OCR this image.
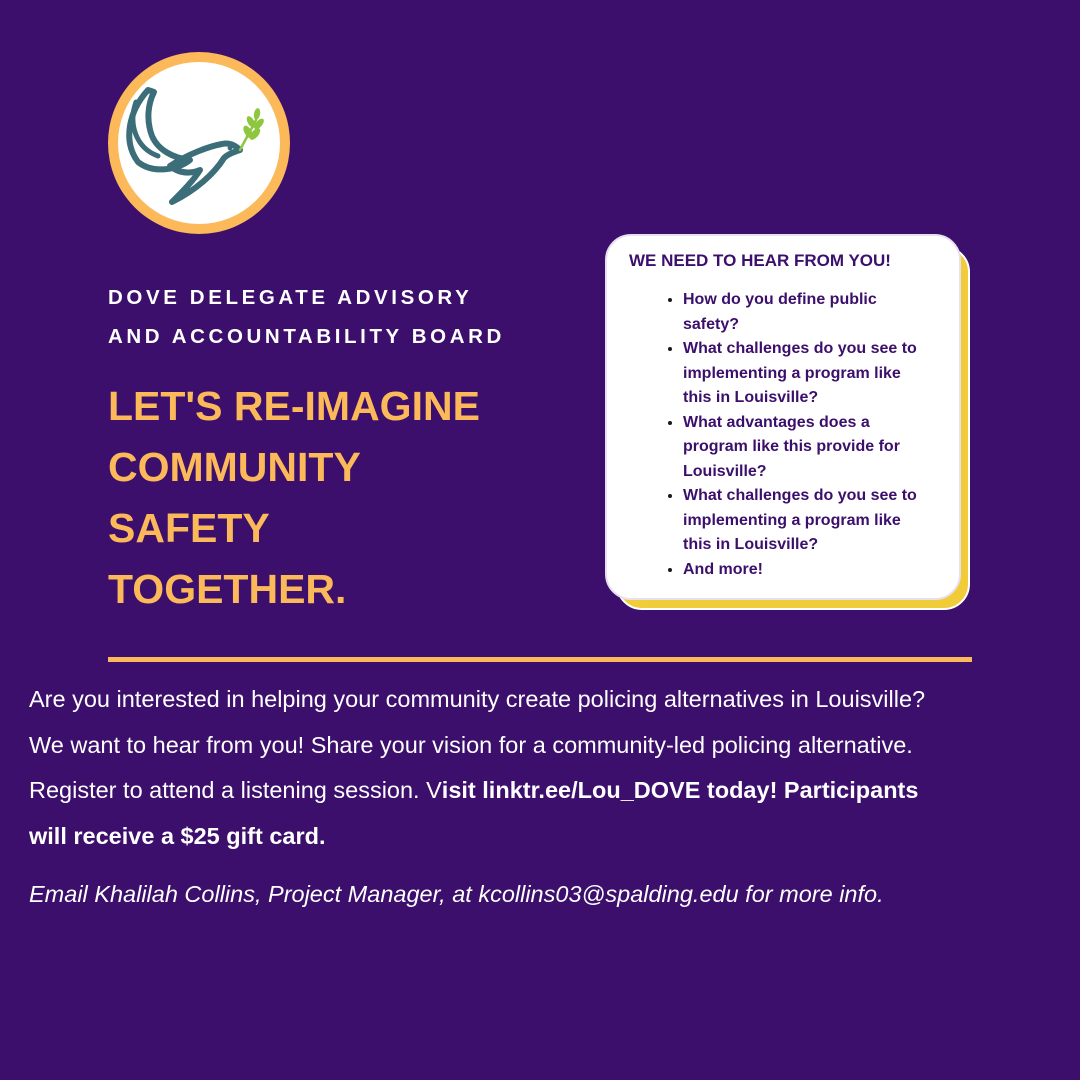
DOVE DELEGATE ADVISORY
AND ACCOUNTABILITY BOARD
LET'S RE-IMAGINE
COMMUNITY
SAFETY
TOGETHER.
WE NEED TO HEAR FROM YOU!
• How do you define public safety?
• What challenges do you see to implementing a program like this in Louisville?
• What advantages does a program like this provide for Louisville?
• What challenges do you see to implementing a program like this in Louisville?
• And more!
Are you interested in helping your community create policing alternatives in Louisville?
We want to hear from you! Share your vision for a community-led policing alternative.
Register to attend a listening session. Visit linktr.ee/Lou_DOVE today! Participants
will receive a $25 gift card.
Email Khalilah Collins, Project Manager, at kcollins03@spalding.edu for more info.
